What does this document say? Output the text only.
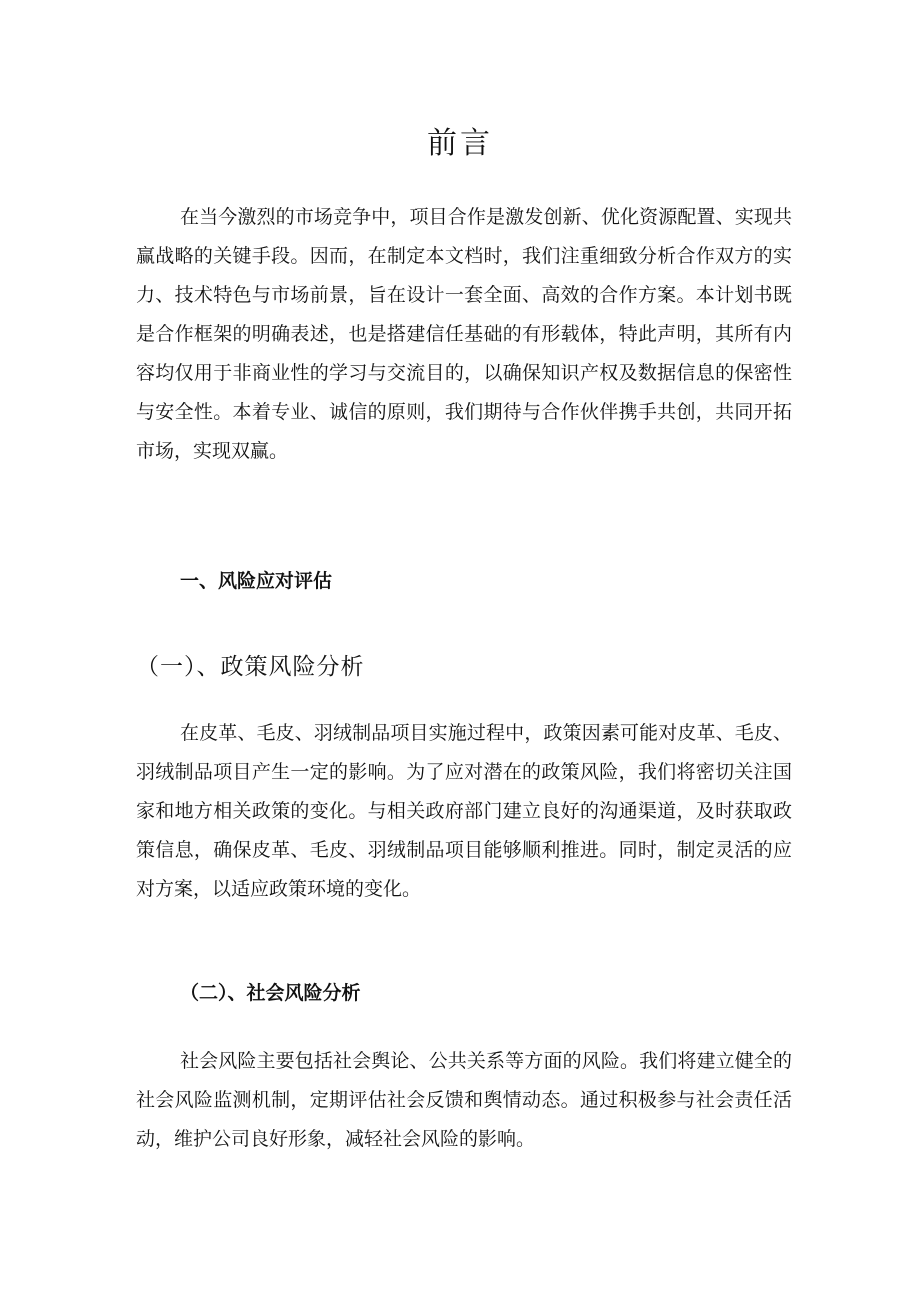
前言

在当今激烈的市场竞争中，项目合作是激发创新、优化资源配置、实现共赢战略的关键手段。因而，在制定本文档时，我们注重细致分析合作双方的实力、技术特色与市场前景，旨在设计一套全面、高效的合作方案。本计划书既是合作框架的明确表述，也是搭建信任基础的有形载体，特此声明，其所有内容均仅用于非商业性的学习与交流目的，以确保知识产权及数据信息的保密性与安全性。本着专业、诚信的原则，我们期待与合作伙伴携手共创，共同开拓市场，实现双赢。

一、风险应对评估
（一）、政策风险分析

在皮革、毛皮、羽绒制品项目实施过程中，政策因素可能对皮革、毛皮、羽绒制品项目产生一定的影响。为了应对潜在的政策风险，我们将密切关注国家和地方相关政策的变化。与相关政府部门建立良好的沟通渠道，及时获取政策信息，确保皮革、毛皮、羽绒制品项目能够顺利推进。同时，制定灵活的应对方案，以适应政策环境的变化。

（二）、社会风险分析

社会风险主要包括社会舆论、公共关系等方面的风险。我们将建立健全的社会风险监测机制，定期评估社会反馈和舆情动态。通过积极参与社会责任活动，维护公司良好形象，减轻社会风险的影响。
